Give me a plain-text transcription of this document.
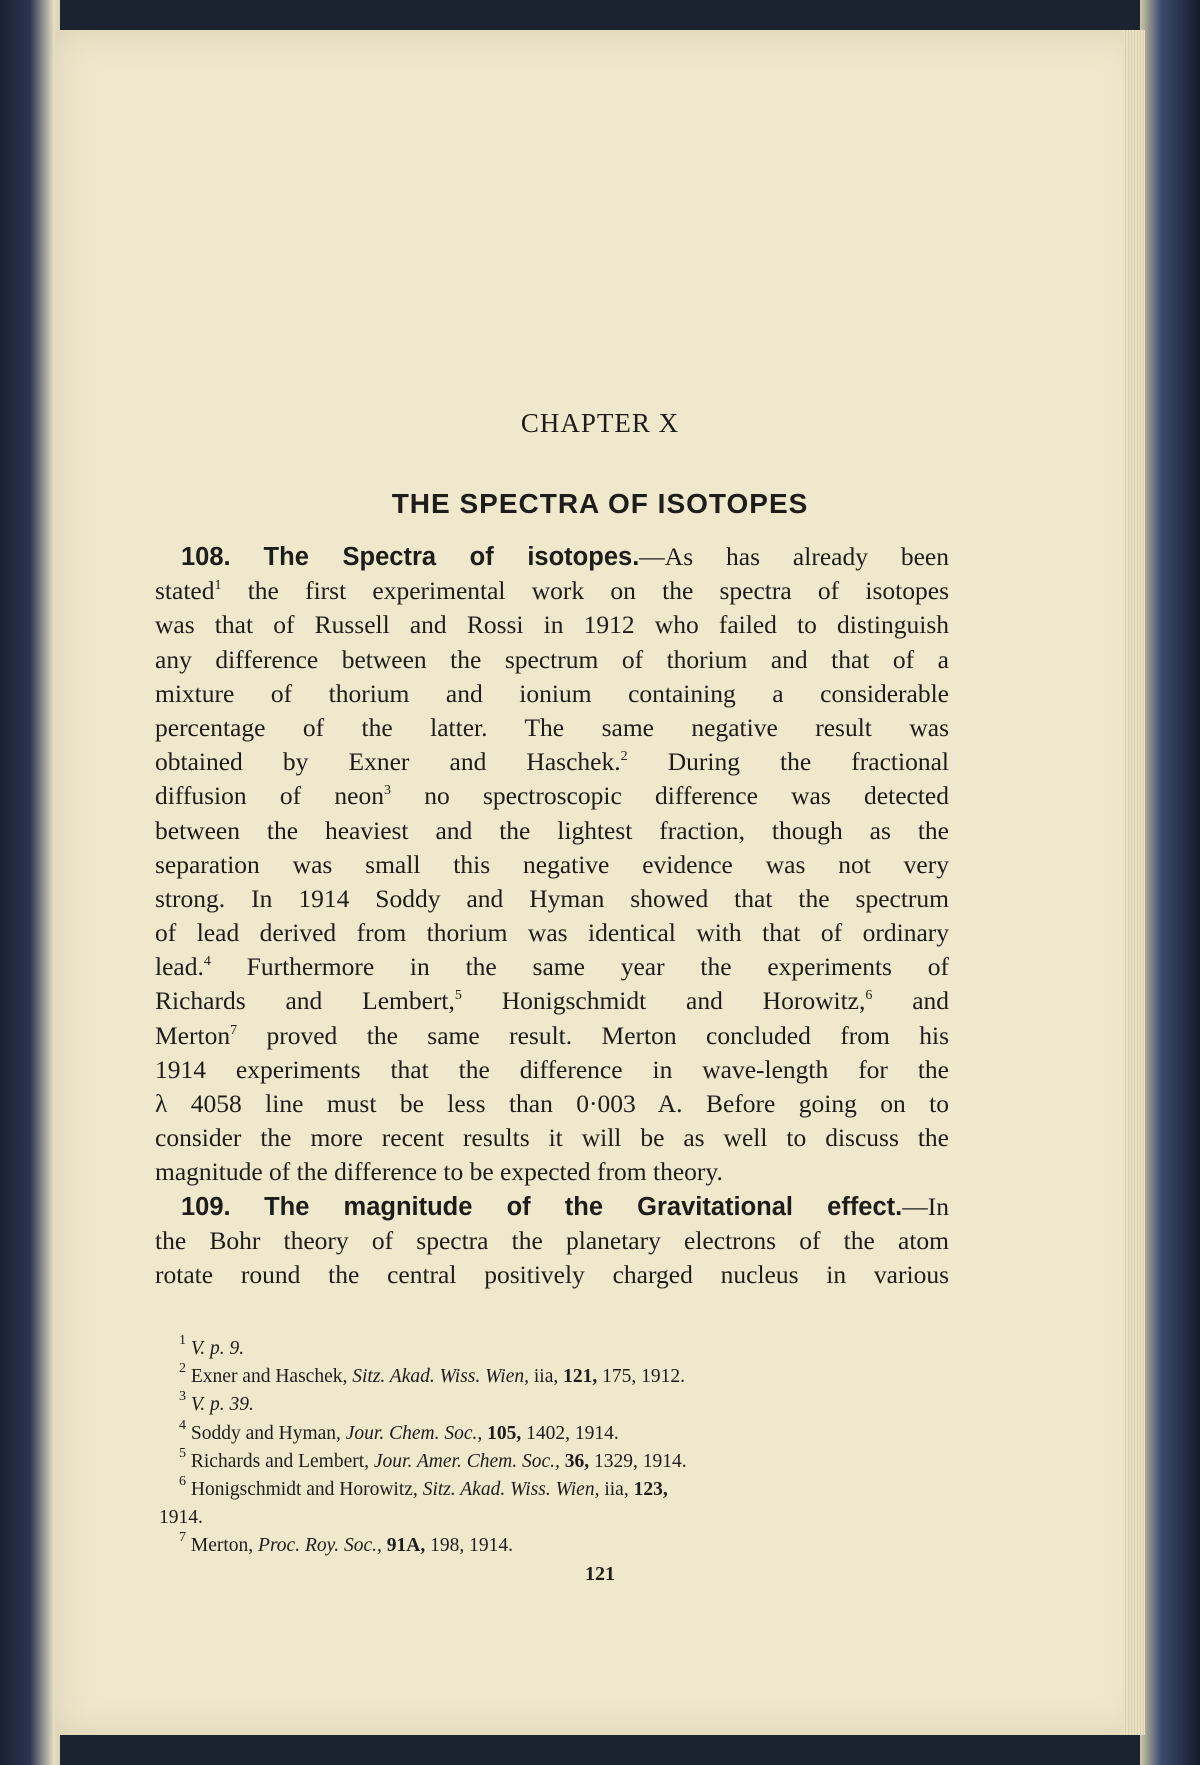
CHAPTER X
THE SPECTRA OF ISOTOPES
108. The Spectra of isotopes.—As has already been
stated$^1$ the first experimental work on the spectra of isotopes
was that of Russell and Rossi in 1912 who failed to distinguish
any difference between the spectrum of thorium and that of a
mixture of thorium and ionium containing a considerable
percentage of the latter. The same negative result was
obtained by Exner and Haschek.$^2$ During the fractional
diffusion of neon$^3$ no spectroscopic difference was detected
between the heaviest and the lightest fraction, though as the
separation was small this negative evidence was not very
strong. In 1914 Soddy and Hyman showed that the spectrum
of lead derived from thorium was identical with that of ordinary
lead.$^4$ Furthermore in the same year the experiments of
Richards and Lembert,$^5$ Honigschmidt and Horowitz,$^6$ and
Merton$^7$ proved the same result. Merton concluded from his
1914 experiments that the difference in wave-length for the
λ 4058 line must be less than 0·003 A. Before going on to
consider the more recent results it will be as well to discuss the
magnitude of the difference to be expected from theory.
109. The magnitude of the Gravitational effect.—In
the Bohr theory of spectra the planetary electrons of the atom
rotate round the central positively charged nucleus in various
$^1$ V. p. 9.
$^2$ Exner and Haschek, Sitz. Akad. Wiss. Wien, iia, 121, 175, 1912.
$^3$ V. p. 39.
$^4$ Soddy and Hyman, Jour. Chem. Soc., 105, 1402, 1914.
$^5$ Richards and Lembert, Jour. Amer. Chem. Soc., 36, 1329, 1914.
$^6$ Honigschmidt and Horowitz, Sitz. Akad. Wiss. Wien, iia, 123,
1914.
$^7$ Merton, Proc. Roy. Soc., 91A, 198, 1914.
121
